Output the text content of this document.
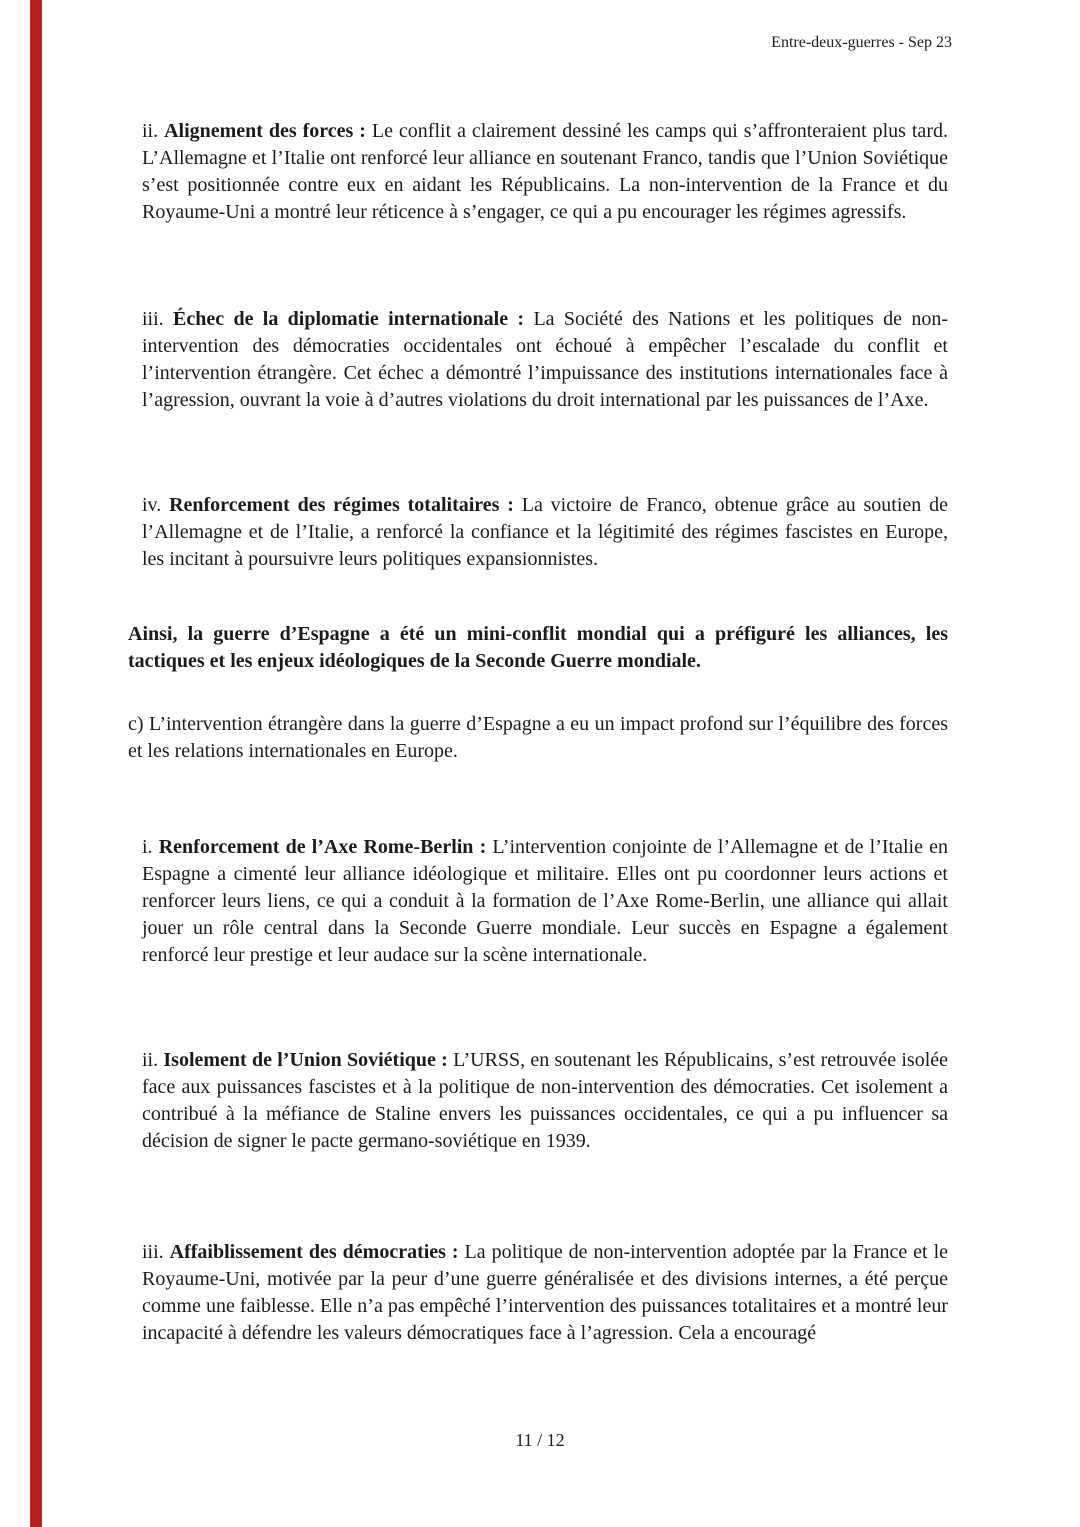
Entre-deux-guerres - Sep 23

ii. Alignement des forces : Le conflit a clairement dessiné les camps qui s’affronteraient plus tard. L’Allemagne et l’Italie ont renforcé leur alliance en soutenant Franco, tandis que l’Union Soviétique s’est positionnée contre eux en aidant les Républicains. La non-intervention de la France et du Royaume-Uni a montré leur réticence à s’engager, ce qui a pu encourager les régimes agressifs.

iii. Échec de la diplomatie internationale : La Société des Nations et les politiques de non-intervention des démocraties occidentales ont échoué à empêcher l’escalade du conflit et l’intervention étrangère. Cet échec a démontré l’impuissance des institutions internationales face à l’agression, ouvrant la voie à d’autres violations du droit international par les puissances de l’Axe.

iv. Renforcement des régimes totalitaires : La victoire de Franco, obtenue grâce au soutien de l’Allemagne et de l’Italie, a renforcé la confiance et la légitimité des régimes fascistes en Europe, les incitant à poursuivre leurs politiques expansionnistes.

Ainsi, la guerre d’Espagne a été un mini-conflit mondial qui a préfiguré les alliances, les tactiques et les enjeux idéologiques de la Seconde Guerre mondiale.

c) L’intervention étrangère dans la guerre d’Espagne a eu un impact profond sur l’équilibre des forces et les relations internationales en Europe.

i. Renforcement de l’Axe Rome-Berlin : L’intervention conjointe de l’Allemagne et de l’Italie en Espagne a cimenté leur alliance idéologique et militaire. Elles ont pu coordonner leurs actions et renforcer leurs liens, ce qui a conduit à la formation de l’Axe Rome-Berlin, une alliance qui allait jouer un rôle central dans la Seconde Guerre mondiale. Leur succès en Espagne a également renforcé leur prestige et leur audace sur la scène internationale.

ii. Isolement de l’Union Soviétique : L’URSS, en soutenant les Républicains, s’est retrouvée isolée face aux puissances fascistes et à la politique de non-intervention des démocraties. Cet isolement a contribué à la méfiance de Staline envers les puissances occidentales, ce qui a pu influencer sa décision de signer le pacte germano-soviétique en 1939.

iii. Affaiblissement des démocraties : La politique de non-intervention adoptée par la France et le Royaume-Uni, motivée par la peur d’une guerre généralisée et des divisions internes, a été perçue comme une faiblesse. Elle n’a pas empêché l’intervention des puissances totalitaires et a montré leur incapacité à défendre les valeurs démocratiques face à l’agression. Cela a encouragé

11 / 12
